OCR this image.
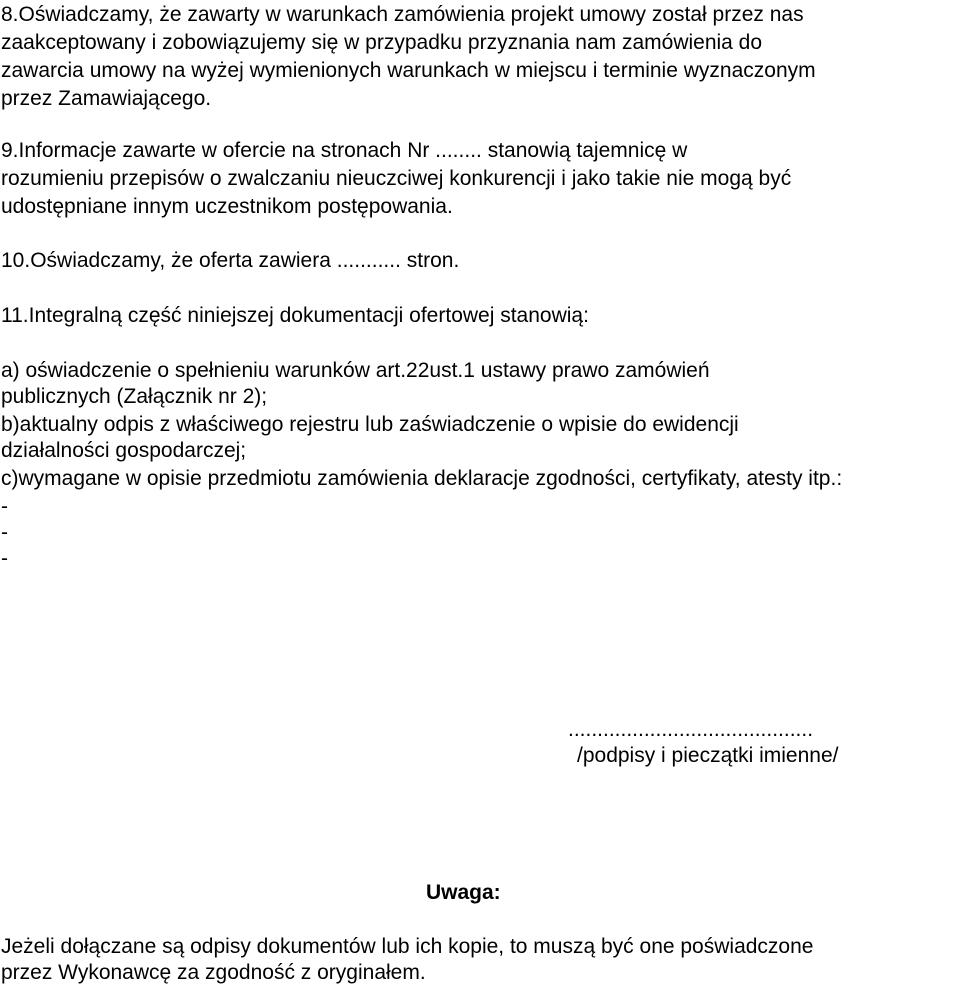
8.Oświadczamy, że zawarty w warunkach zamówienia projekt umowy został przez nas
zaakceptowany i zobowiązujemy się w przypadku przyznania nam zamówienia do
zawarcia umowy na wyżej wymienionych warunkach w miejscu i terminie wyznaczonym
przez Zamawiającego.
9.Informacje zawarte w ofercie na stronach Nr ........ stanowią tajemnicę w
rozumieniu przepisów o zwalczaniu nieuczciwej konkurencji i jako takie nie mogą być
udostępniane innym uczestnikom postępowania.
10.Oświadczamy, że oferta zawiera ........... stron.
11.Integralną część niniejszej dokumentacji ofertowej stanowią:
a) oświadczenie o spełnieniu warunków art.22ust.1 ustawy prawo zamówień
publicznych (Załącznik nr 2);
b)aktualny odpis z właściwego rejestru lub zaświadczenie o wpisie do ewidencji
działalności gospodarczej;
c)wymagane w opisie przedmiotu zamówienia deklaracje zgodności, certyfikaty, atesty itp.:
-
-
-
..........................................
/podpisy i pieczątki imienne/
Uwaga:
Jeżeli dołączane są odpisy dokumentów lub ich kopie, to muszą być one poświadczone
przez Wykonawcę za zgodność z oryginałem.
